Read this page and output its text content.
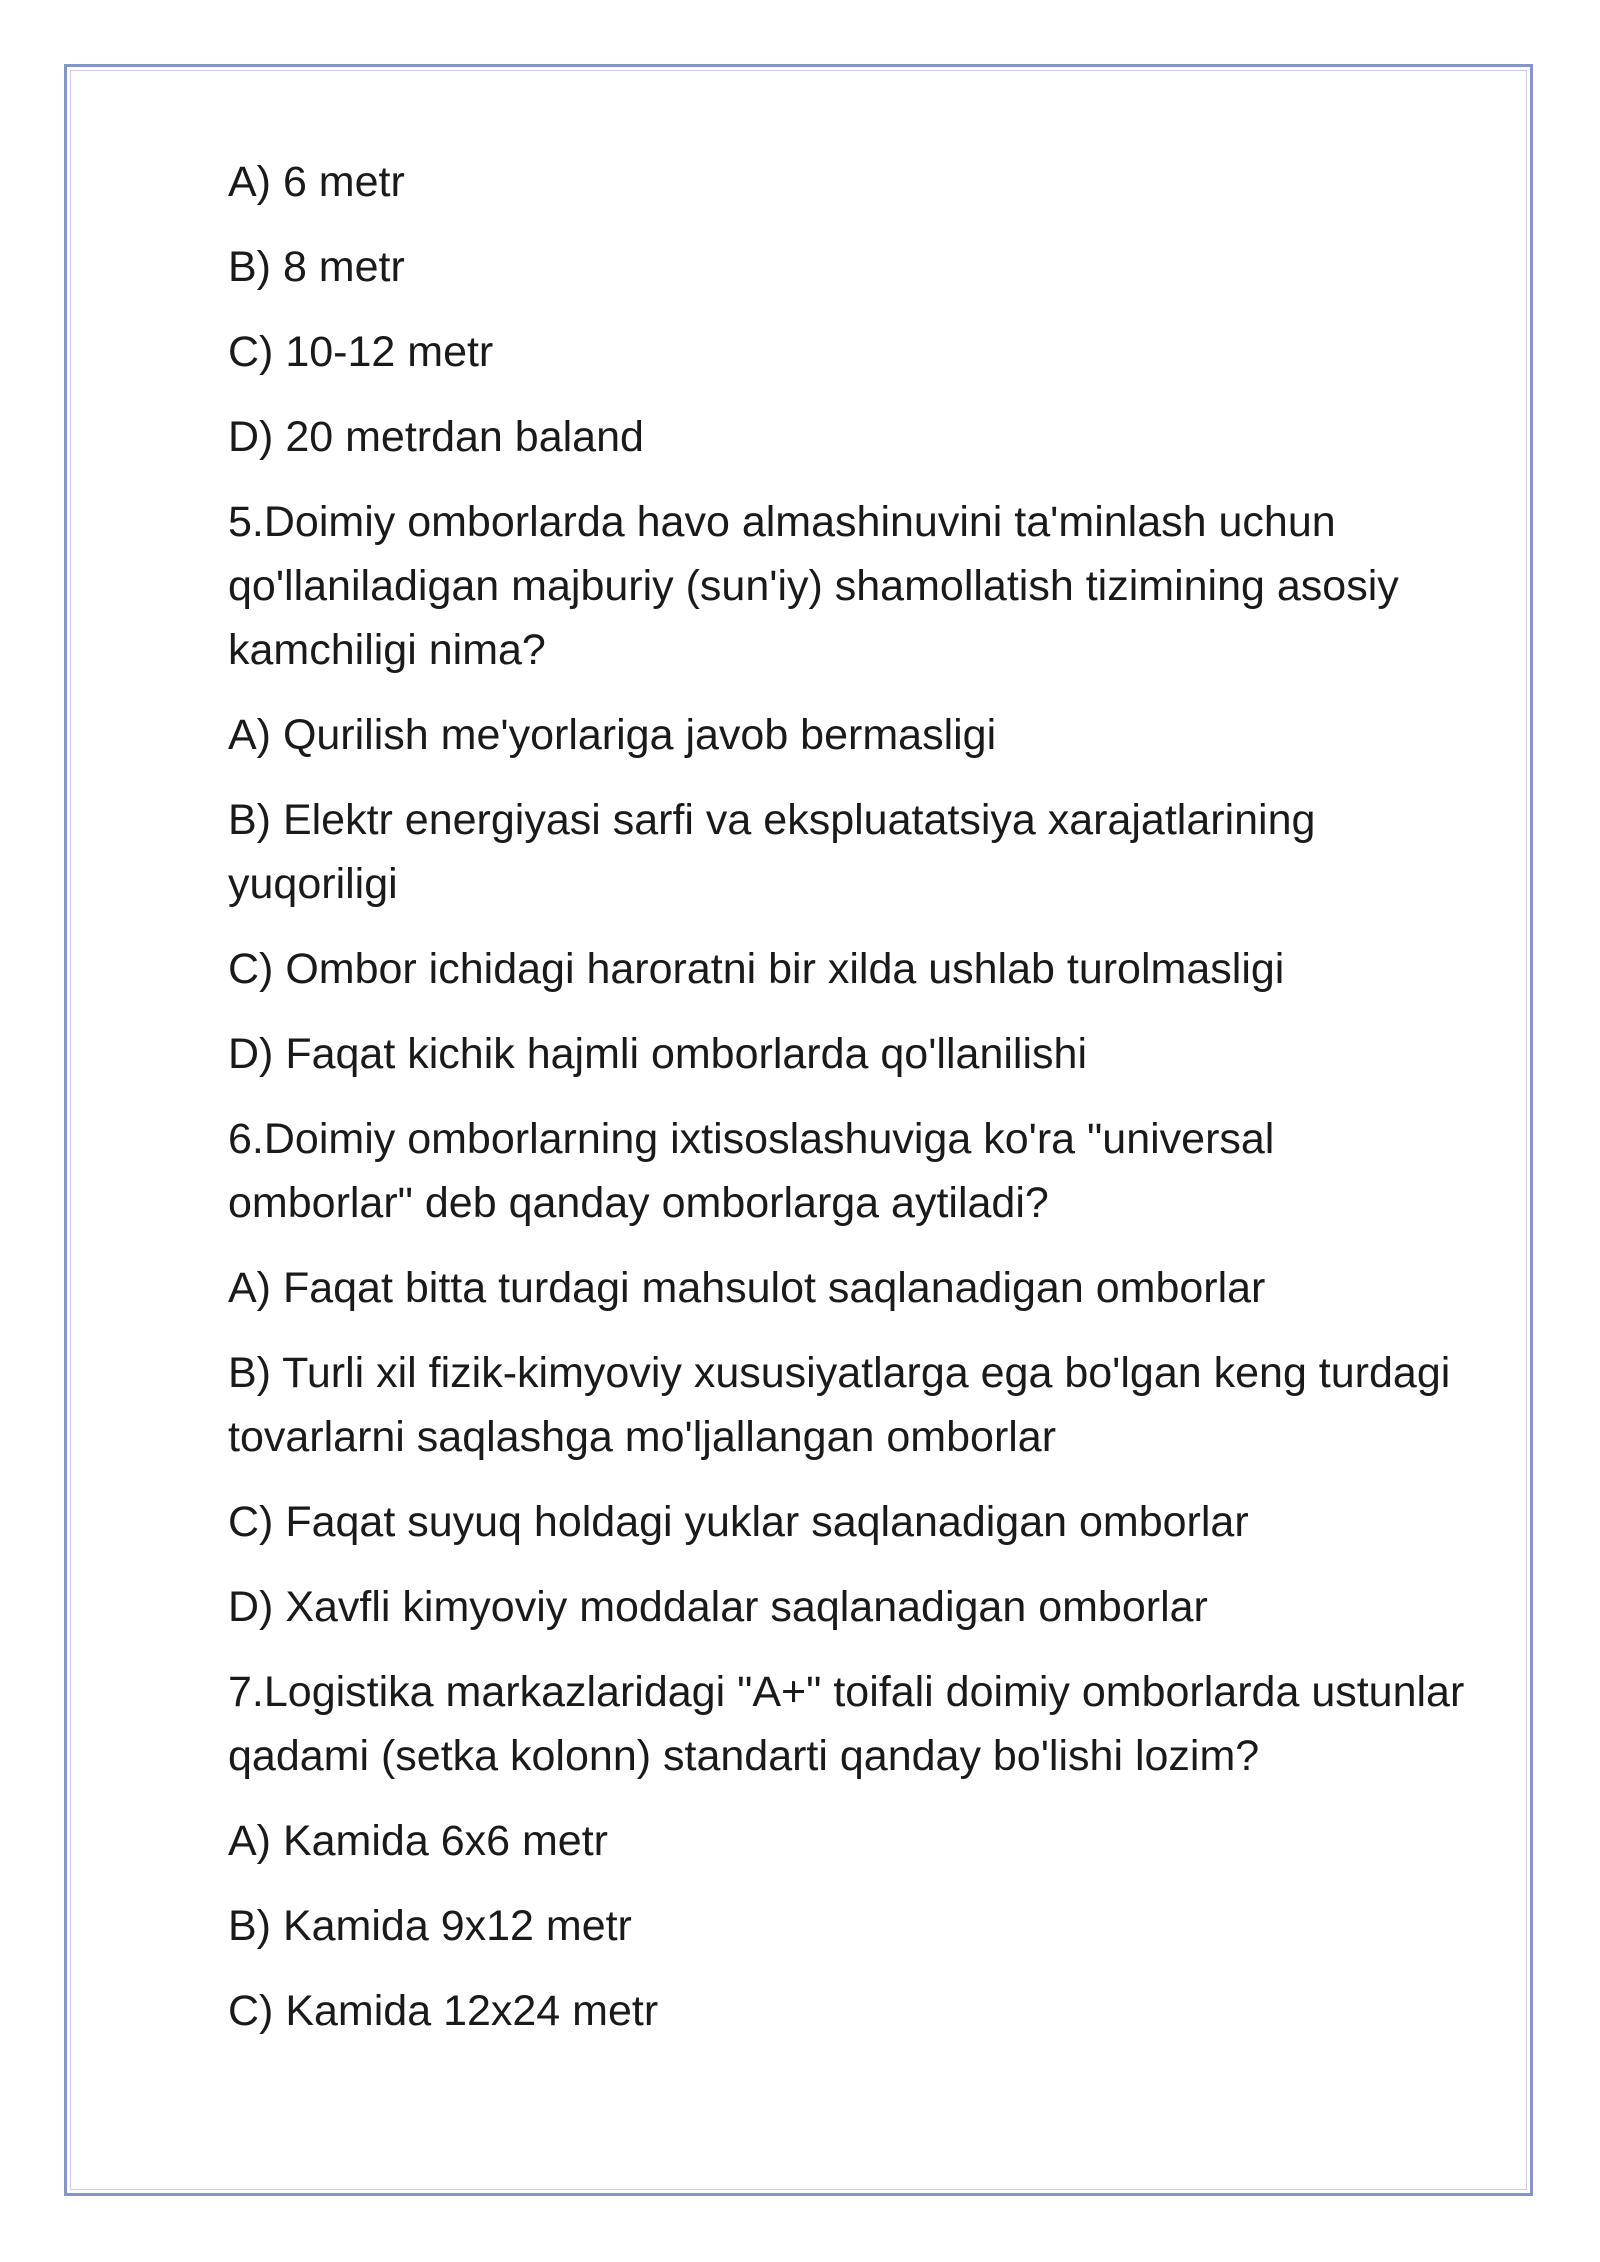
A) 6 metr

B) 8 metr

C) 10-12 metr

D) 20 metrdan baland

5.Doimiy omborlarda havo almashinuvini ta'minlash uchun qo'llaniladigan majburiy (sun'iy) shamollatish tizimining asosiy kamchiligi nima?

A) Qurilish me'yorlariga javob bermasligi

B) Elektr energiyasi sarfi va ekspluatatsiya xarajatlarining yuqoriligi

C) Ombor ichidagi haroratni bir xilda ushlab turolmasligi

D) Faqat kichik hajmli omborlarda qo'llanilishi

6.Doimiy omborlarning ixtisoslashuviga ko'ra "universal omborlar" deb qanday omborlarga aytiladi?

A) Faqat bitta turdagi mahsulot saqlanadigan omborlar

B) Turli xil fizik-kimyoviy xususiyatlarga ega bo'lgan keng turdagi tovarlarni saqlashga mo'ljallangan omborlar

C) Faqat suyuq holdagi yuklar saqlanadigan omborlar

D) Xavfli kimyoviy moddalar saqlanadigan omborlar

7.Logistika markazlaridagi "A+" toifali doimiy omborlarda ustunlar qadami (setka kolonn) standarti qanday bo'lishi lozim?

A) Kamida 6x6 metr

B) Kamida 9x12 metr

C) Kamida 12x24 metr
